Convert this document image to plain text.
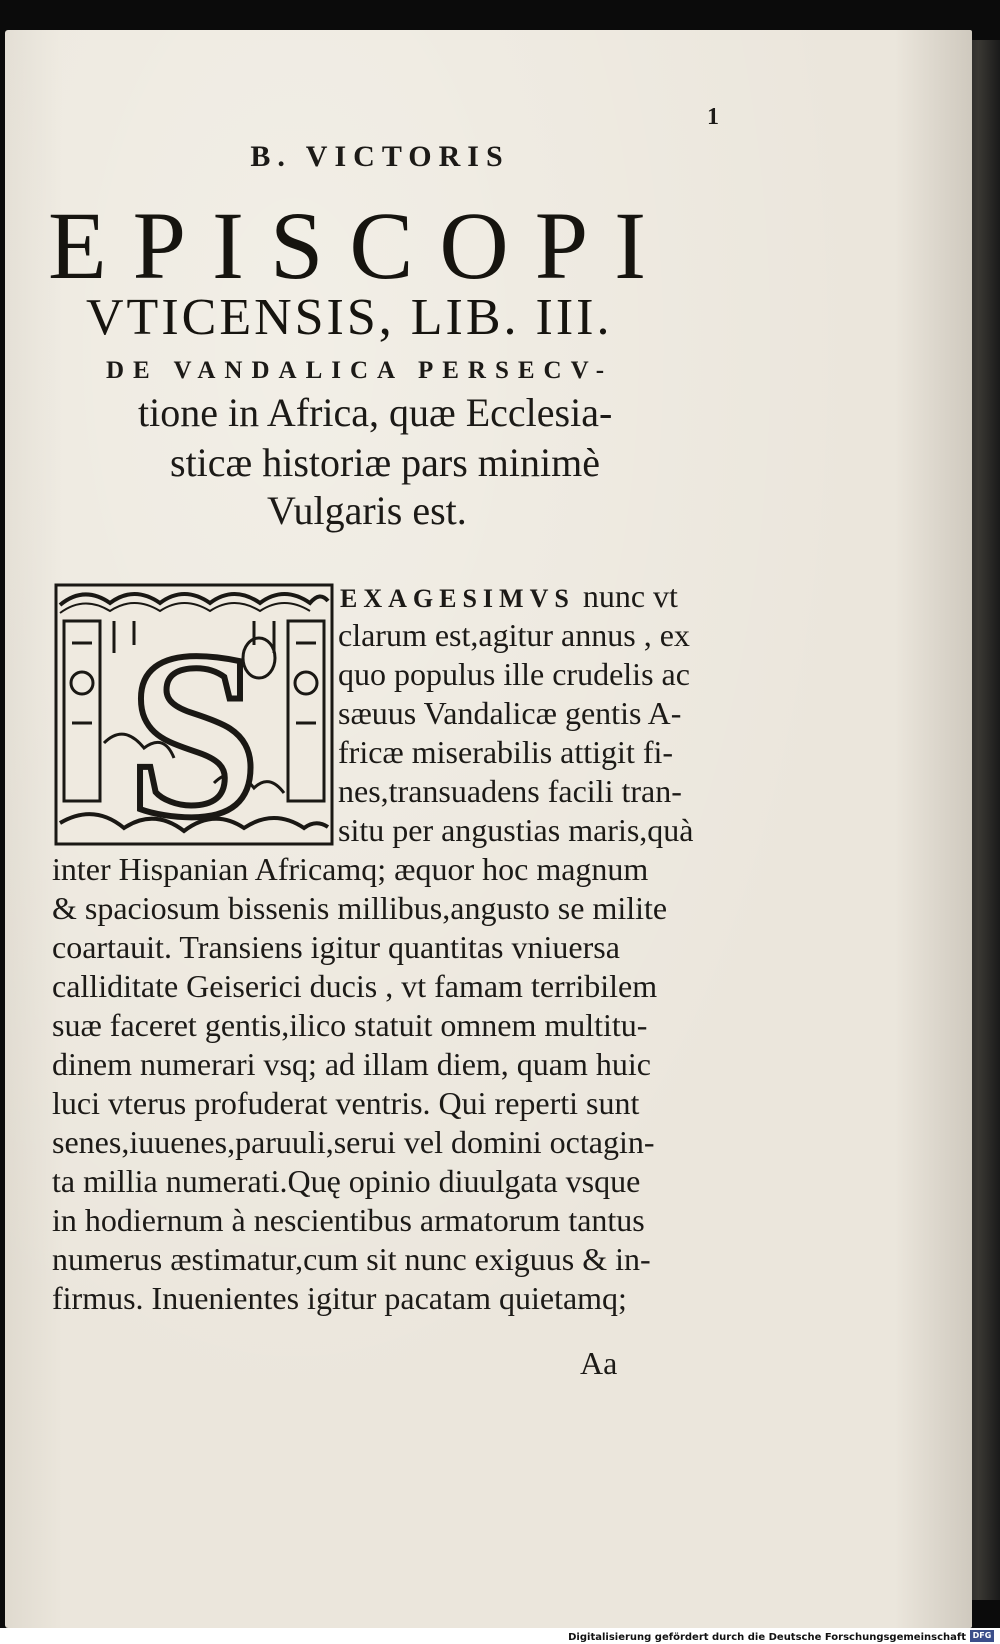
1
B. VICTORIS
EPISCOPI
VTICENSIS, LIB. III.
DE VANDALICA PERSECV-
tione in Africa, quæ Ecclesia-
sticæ historiæ pars minimè
Vulgaris est.
S
EXAGESIMVS nunc vt
clarum est,agitur annus , ex
quo populus ille crudelis ac
sæuus Vandalicæ gentis A-
fricæ miserabilis attigit fi-
nes,transuadens facili tran-
situ per angustias maris,quà
inter Hispanian Africamq; æquor hoc magnum
& spaciosum bissenis millibus,angusto se milite
coartauit. Transiens igitur quantitas vniuersa
calliditate Geiserici ducis , vt famam terribilem
suæ faceret gentis,ilico statuit omnem multitu-
dinem numerari vsq; ad illam diem, quam huic
luci vterus profuderat ventris. Qui reperti sunt
senes,iuuenes,paruuli,serui vel domini octagin-
ta millia numerati.Quę opinio diuulgata vsque
in hodiernum à nescientibus armatorum tantus
numerus æstimatur,cum sit nunc exiguus & in-
firmus. Inuenientes igitur pacatam quietamq;
Aa
Digitalisierung gefördert durch die Deutsche Forschungsgemeinschaft DFG
